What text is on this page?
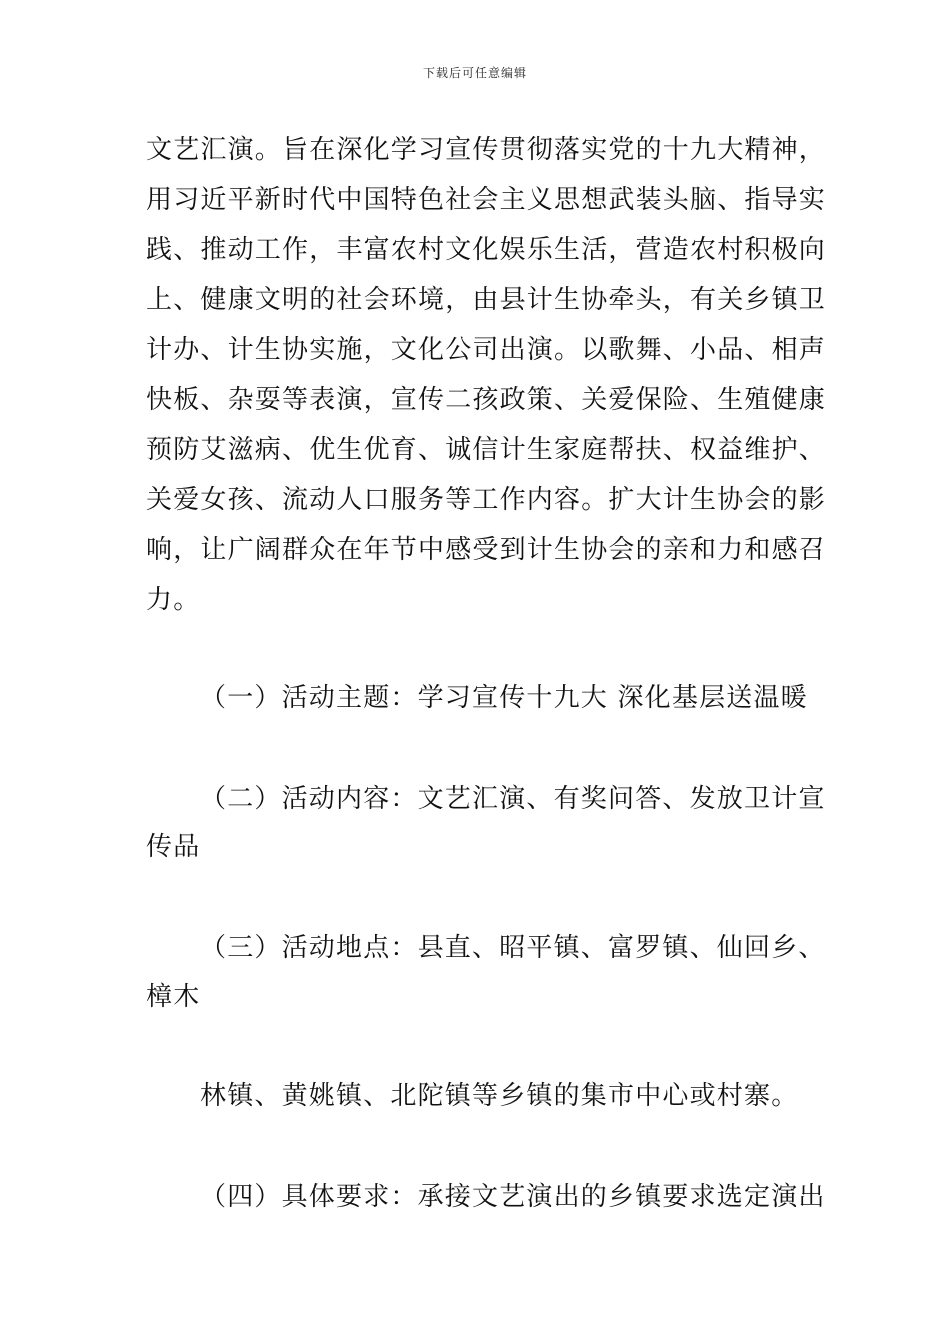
下载后可任意编辑
文艺汇演。旨在深化学习宣传贯彻落实党的十九大精神，
用习近平新时代中国特色社会主义思想武装头脑、指导实
践、推动工作，丰富农村文化娱乐生活，营造农村积极向
上、健康文明的社会环境，由县计生协牵头，有关乡镇卫
计办、计生协实施，文化公司出演。以歌舞、小品、相声
快板、杂耍等表演，宣传二孩政策、关爱保险、生殖健康
预防艾滋病、优生优育、诚信计生家庭帮扶、权益维护、
关爱女孩、流动人口服务等工作内容。扩大计生协会的影
响，让广阔群众在年节中感受到计生协会的亲和力和感召
力。
（一）活动主题：学习宣传十九大 深化基层送温暖
（二）活动内容：文艺汇演、有奖问答、发放卫计宣
传品
（三）活动地点：县直、昭平镇、富罗镇、仙回乡、
樟木
林镇、黄姚镇、北陀镇等乡镇的集市中心或村寨。
（四）具体要求：承接文艺演出的乡镇要求选定演出
